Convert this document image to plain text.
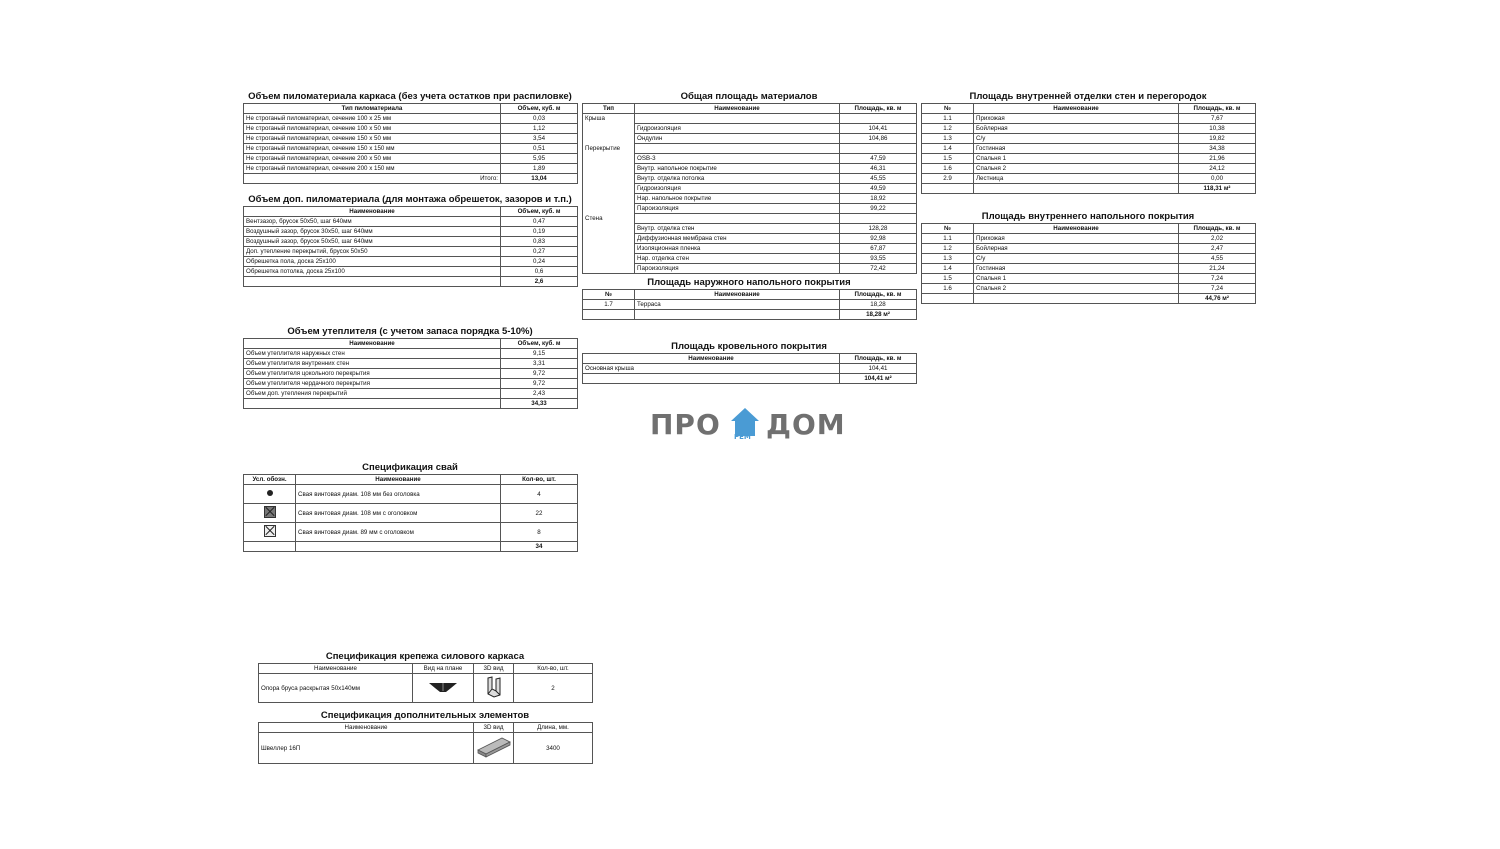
Объем пиломатериала каркаса (без учета остатков при распиловке)
Тип пиломатериала	Объем, куб. м
Не строганый пиломатериал, сечение 100 х 25 мм	0,03
Не строганый пиломатериал, сечение 100 х 50 мм	1,12
Не строганый пиломатериал, сечение 150 х 50 мм	3,54
Не строганый пиломатериал, сечение 150 х 150 мм	0,51
Не строганый пиломатериал, сечение 200 х 50 мм	5,95
Не строганый пиломатериал, сечение 200 х 150 мм	1,89
Итого:	13,04
Объем доп. пиломатериала (для монтажа обрешеток, зазоров и т.п.)
Наименование	Объем, куб. м
Вентзазор, брусок 50х50, шаг 640мм	0,47
Воздушный зазор, брусок 30х50, шаг 640мм	0,19
Воздушный зазор, брусок 50х50, шаг 640мм	0,83
Доп. утепление перекрытий, брусок 50х50	0,27
Обрешетка пола, доска 25х100	0,24
Обрешетка потолка, доска 25х100	0,6
	2,6
Объем утеплителя (с учетом запаса порядка 5-10%)
Наименование	Объем, куб. м
Объем утеплителя наружных стен	9,15
Объем утеплителя внутренних стен	3,31
Объем утеплителя цокольного перекрытия	9,72
Объем утеплителя чердачного перекрытия	9,72
Объем доп. утепления перекрытий	2,43
	34,33
Общая площадь материалов
Тип	Наименование	Площадь, кв. м
Крыша		
	Гидроизоляция	104,41
	Ондулин	104,86
Перекрытие		
	OSB-3	47,59
	Внутр. напольное покрытие	46,31
	Внутр. отделка потолка	45,55
	Гидроизоляция	49,59
	Нар. напольное покрытие	18,92
	Пароизоляция	99,22
Стена		
	Внутр. отделка стен	128,28
	Диффузионная мембрана стен	92,98
	Изоляционная пленка	67,87
	Нар. отделка стен	93,55
	Пароизоляция	72,42
Площадь наружного напольного покрытия
№	Наименование	Площадь, кв. м
1.7	Терраса	18,28
		18,28 м²
Площадь кровельного покрытия
Наименование	Площадь, кв. м
Основная крыша	104,41
	104,41 м²
Площадь внутренней отделки стен и перегородок
№	Наименование	Площадь, кв. м
1.1	Прихожая	7,67
1.2	Бойлерная	10,38
1.3	С/у	19,82
1.4	Гостинная	34,38
1.5	Спальня 1	21,96
1.6	Спальня 2	24,12
2.9	Лестница	0,00
		118,31 м²
Площадь внутреннего напольного покрытия
№	Наименование	Площадь, кв. м
1.1	Прихожая	2,02
1.2	Бойлерная	2,47
1.3	С/у	4,55
1.4	Гостинная	21,24
1.5	Спальня 1	7,24
1.6	Спальня 2	7,24
		44,76 м²
ПРО РЕМ ДОМ
Спецификация свай
Усл. обозн.	Наименование	Кол-во, шт.
	Свая винтовая диам. 108 мм без оголовка	4
	Свая винтовая диам. 108 мм с оголовком	22
	Свая винтовая диам. 89 мм с оголовком	8
		34
Спецификация крепежа силового каркаса
Наименование	Вид на плане	3D вид	Кол-во, шт.
Опора бруса раскрытая 50х140мм			2
Спецификация дополнительных элементов
Наименование	3D вид	Длина, мм.
Швеллер 16П		3400
